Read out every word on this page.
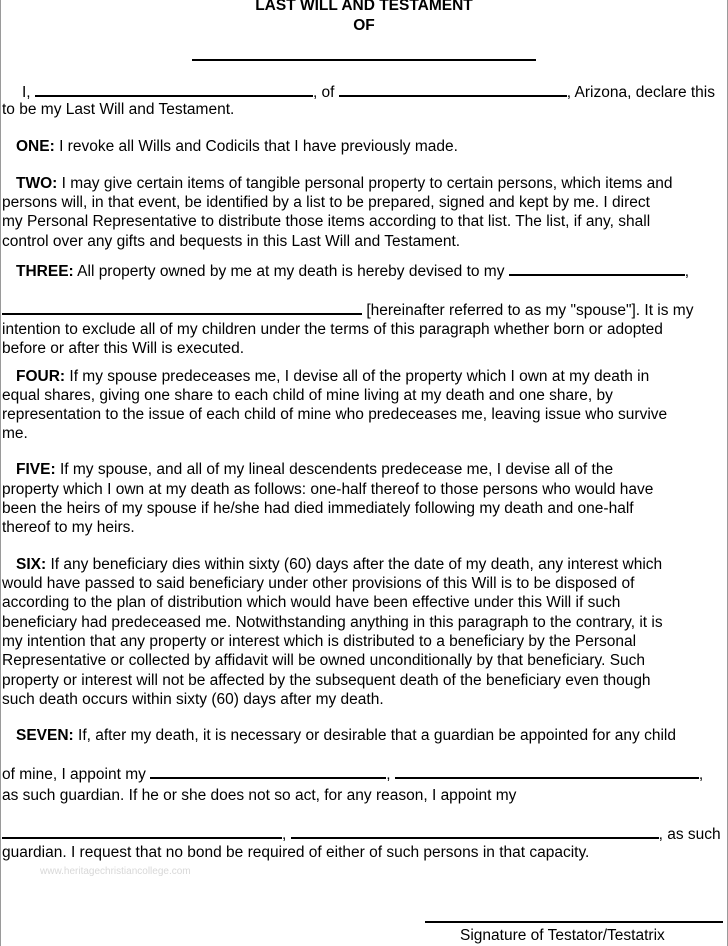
LAST WILL AND TESTAMENT
OF
I,	, of	, Arizona, declare this
to be my Last Will and Testament.
ONE: I revoke all Wills and Codicils that I have previously made.
TWO: I may give certain items of tangible personal property to certain persons, which items and
persons will, in that event, be identified by a list to be prepared, signed and kept by me. I direct
my Personal Representative to distribute those items according to that list. The list, if any, shall
control over any gifts and bequests in this Last Will and Testament.
THREE: All property owned by me at my death is hereby devised to my	,
[hereinafter referred to as my "spouse"]. It is my
intention to exclude all of my children under the terms of this paragraph whether born or adopted
before or after this Will is executed.
FOUR: If my spouse predeceases me, I devise all of the property which I own at my death in
equal shares, giving one share to each child of mine living at my death and one share, by
representation to the issue of each child of mine who predeceases me, leaving issue who survive
me.
FIVE: If my spouse, and all of my lineal descendents predecease me, I devise all of the
property which I own at my death as follows: one-half thereof to those persons who would have
been the heirs of my spouse if he/she had died immediately following my death and one-half
thereof to my heirs.
SIX: If any beneficiary dies within sixty (60) days after the date of my death, any interest which
would have passed to said beneficiary under other provisions of this Will is to be disposed of
according to the plan of distribution which would have been effective under this Will if such
beneficiary had predeceased me. Notwithstanding anything in this paragraph to the contrary, it is
my intention that any property or interest which is distributed to a beneficiary by the Personal
Representative or collected by affidavit will be owned unconditionally by that beneficiary. Such
property or interest will not be affected by the subsequent death of the beneficiary even though
such death occurs within sixty (60) days after my death.
SEVEN: If, after my death, it is necessary or desirable that a guardian be appointed for any child
of mine, I appoint my	,	,
as such guardian. If he or she does not so act, for any reason, I appoint my
,	, as such
guardian. I request that no bond be required of either of such persons in that capacity.
www.heritagechristiancollege.com
Signature of Testator/Testatrix
